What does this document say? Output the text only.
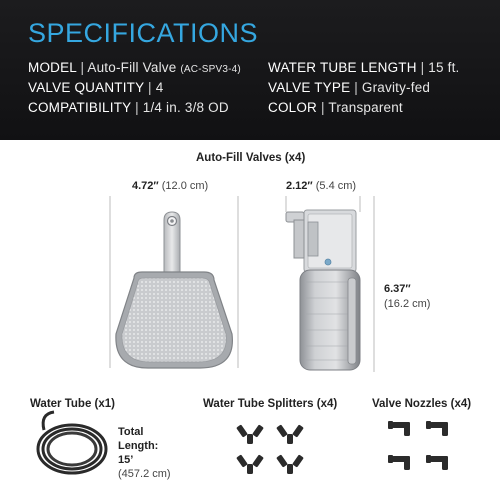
SPECIFICATIONS
MODEL | Auto-Fill Valve (AC-SPV3-4)
VALVE QUANTITY | 4
COMPATIBILITY | 1/4 in. 3/8 OD
WATER TUBE LENGTH | 15 ft.
VALVE TYPE | Gravity-fed
COLOR | Transparent
Auto-Fill Valves (x4)
4.72″ (12.0 cm)	2.12″ (5.4 cm)
6.37″
(16.2 cm)
Water Tube (x1)	Water Tube Splitters (x4)	Valve Nozzles (x4)
Total
Length:
15’
(457.2 cm)
